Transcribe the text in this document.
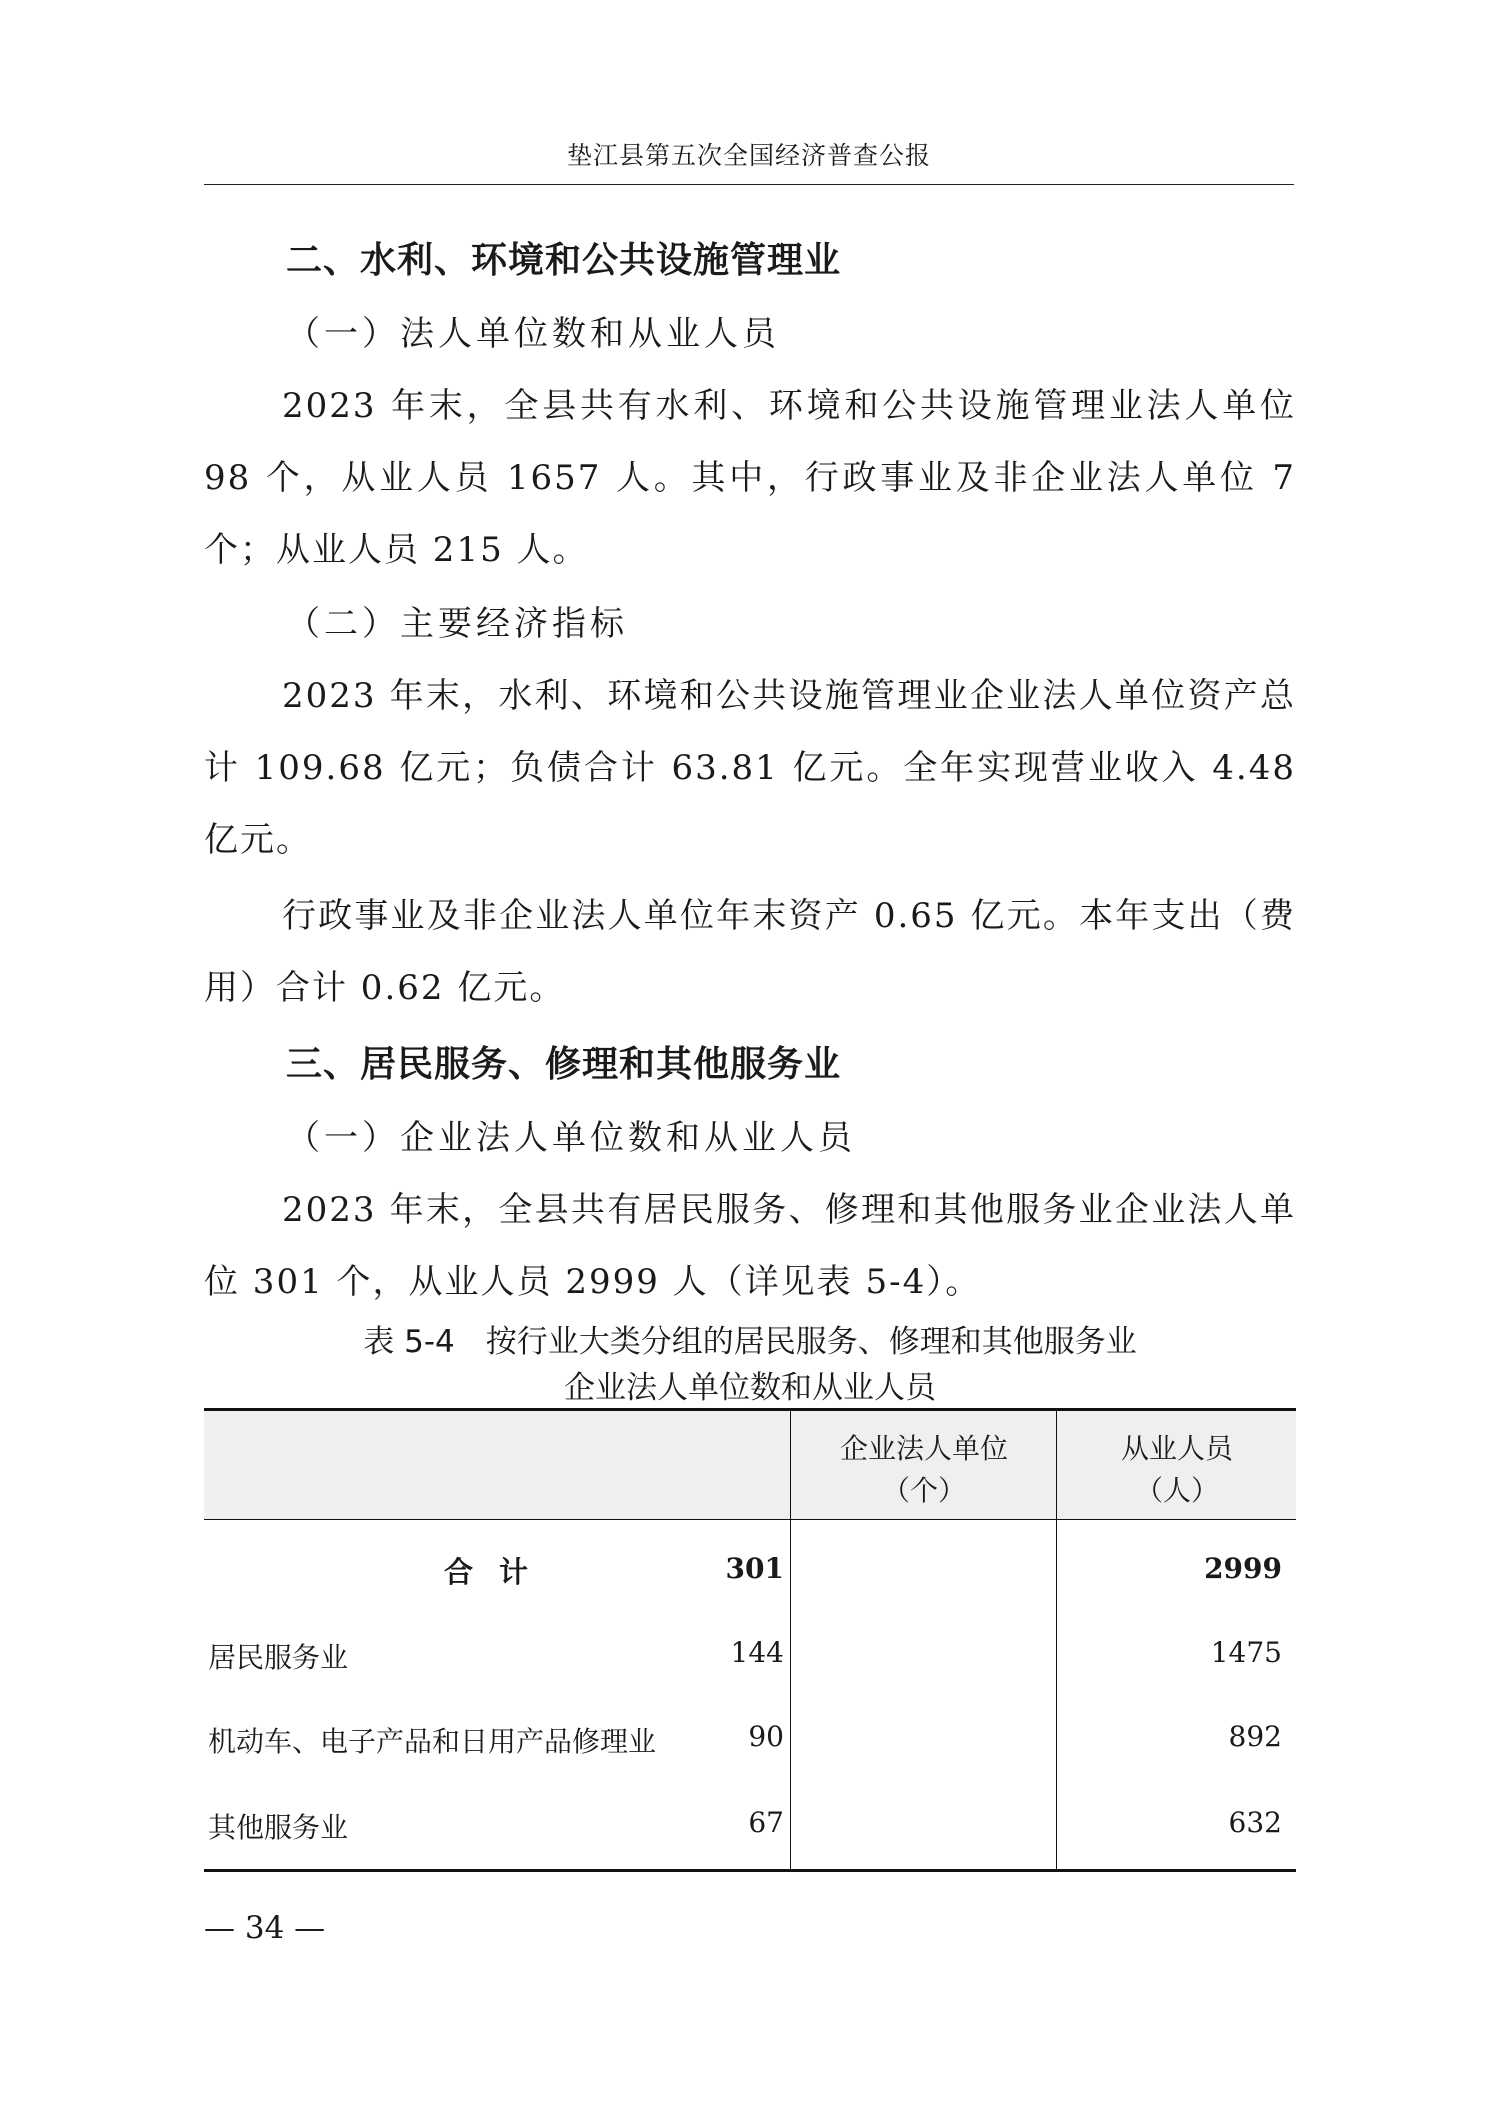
垫江县第五次全国经济普查公报
二、水利、环境和公共设施管理业
（一）法人单位数和从业人员
2023 年末，全县共有水利、环境和公共设施管理业法人单位 98 个，从业人员 1657 人。其中，行政事业及非企业法人单位 7 个；从业人员 215 人。
（二）主要经济指标
2023 年末，水利、环境和公共设施管理业企业法人单位资产总计 109.68 亿元；负债合计 63.81 亿元。全年实现营业收入 4.48 亿元。
行政事业及非企业法人单位年末资产 0.65 亿元。本年支出（费用）合计 0.62 亿元。
三、居民服务、修理和其他服务业
（一）企业法人单位数和从业人员
2023 年末，全县共有居民服务、修理和其他服务业企业法人单位 301 个，从业人员 2999 人（详见表 5-4）。
表 5-4　按行业大类分组的居民服务、修理和其他服务业
企业法人单位数和从业人员
企业法人单位
（个）
从业人员
（人）
合计	301	2999
居民服务业	144	1475
机动车、电子产品和日用产品修理业	90	892
其他服务业	67	632
— 34 —
